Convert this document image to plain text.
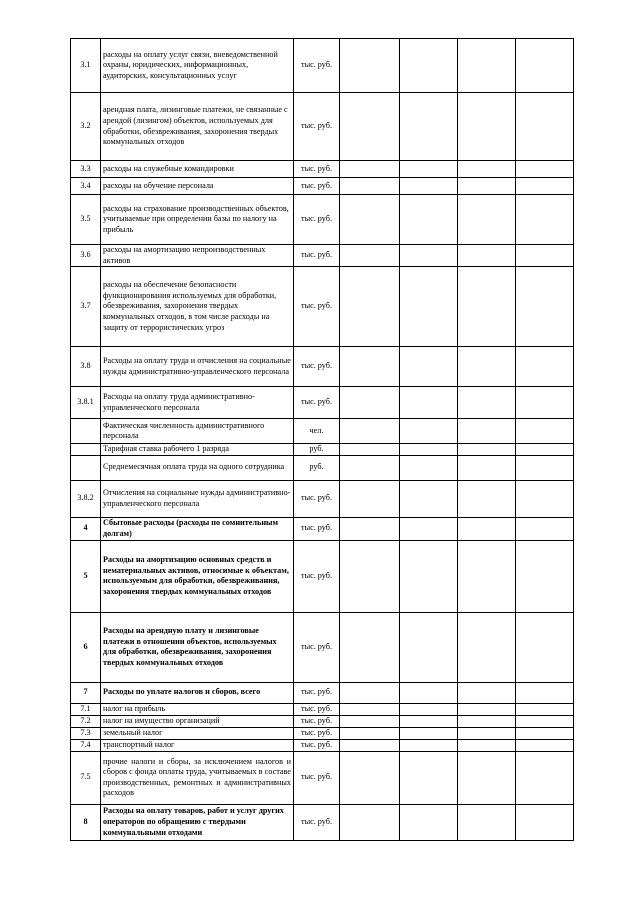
3.1	расходы на оплату услуг связи, вневедомственной охраны, юридических, информационных, аудиторских, консультационных услуг	тыс. руб.				
3.2	арендная плата, лизинговые платежи, не связанные с арендой (лизингом) объектов, используемых для обработки, обезвреживания, захоронения твердых коммунальных отходов	тыс. руб.				
3.3	расходы на служебные командировки	тыс. руб.				
3.4	расходы на обучение персонала	тыс. руб.				
3.5	расходы на страхование производственных объектов, учитываемые при определении базы по налогу на прибыль	тыс. руб.				
3.6	расходы на амортизацию непроизводственных активов	тыс. руб.				
3.7	расходы на обеспечение безопасности функционирования используемых для обработки, обезвреживания, захоронения твердых коммунальных отходов, в том числе расходы на защиту от террористических угроз	тыс. руб.				
3.8	Расходы на оплату труда и отчисления на социальные нужды административно-управленческого персонала	тыс. руб.				
3.8.1	Расходы на оплату труда административно-управленческого персонала	тыс. руб.				
	Фактическая численность административного персонала	чел.				
	Тарифная ставка рабочего 1 разряда	руб.				
	Среднемесячная оплата труда на одного сотрудника	руб.				
3.8.2	Отчисления на социальные нужды административно-управленческого персонала	тыс. руб.				
4	Сбытовые расходы (расходы по сомнительным долгам)	тыс. руб.				
5	Расходы на амортизацию основных средств и нематериальных активов, относимые к объектам, используемым для обработки, обезвреживания, захоронения твердых коммунальных отходов	тыс. руб.				
6	Расходы на арендную плату и лизинговые платежи в отношении объектов, используемых для обработки, обезвреживания, захоронения твердых коммунальных отходов	тыс. руб.				
7	Расходы по уплате налогов и сборов, всего	тыс. руб.				
7.1	налог на прибыль	тыс. руб.				
7.2	налог на имущество организаций	тыс. руб.				
7.3	земельный налог	тыс. руб.				
7.4	транспортный налог	тыс. руб.				
7.5	прочие налоги и сборы, за исключением налогов и сборов с фонда оплаты труда, учитываемых в составе производственных, ремонтных и административных расходов	тыс. руб.				
8	Расходы на оплату товаров, работ и услуг других операторов по обращению с твердыми коммунальными отходами	тыс. руб.				
